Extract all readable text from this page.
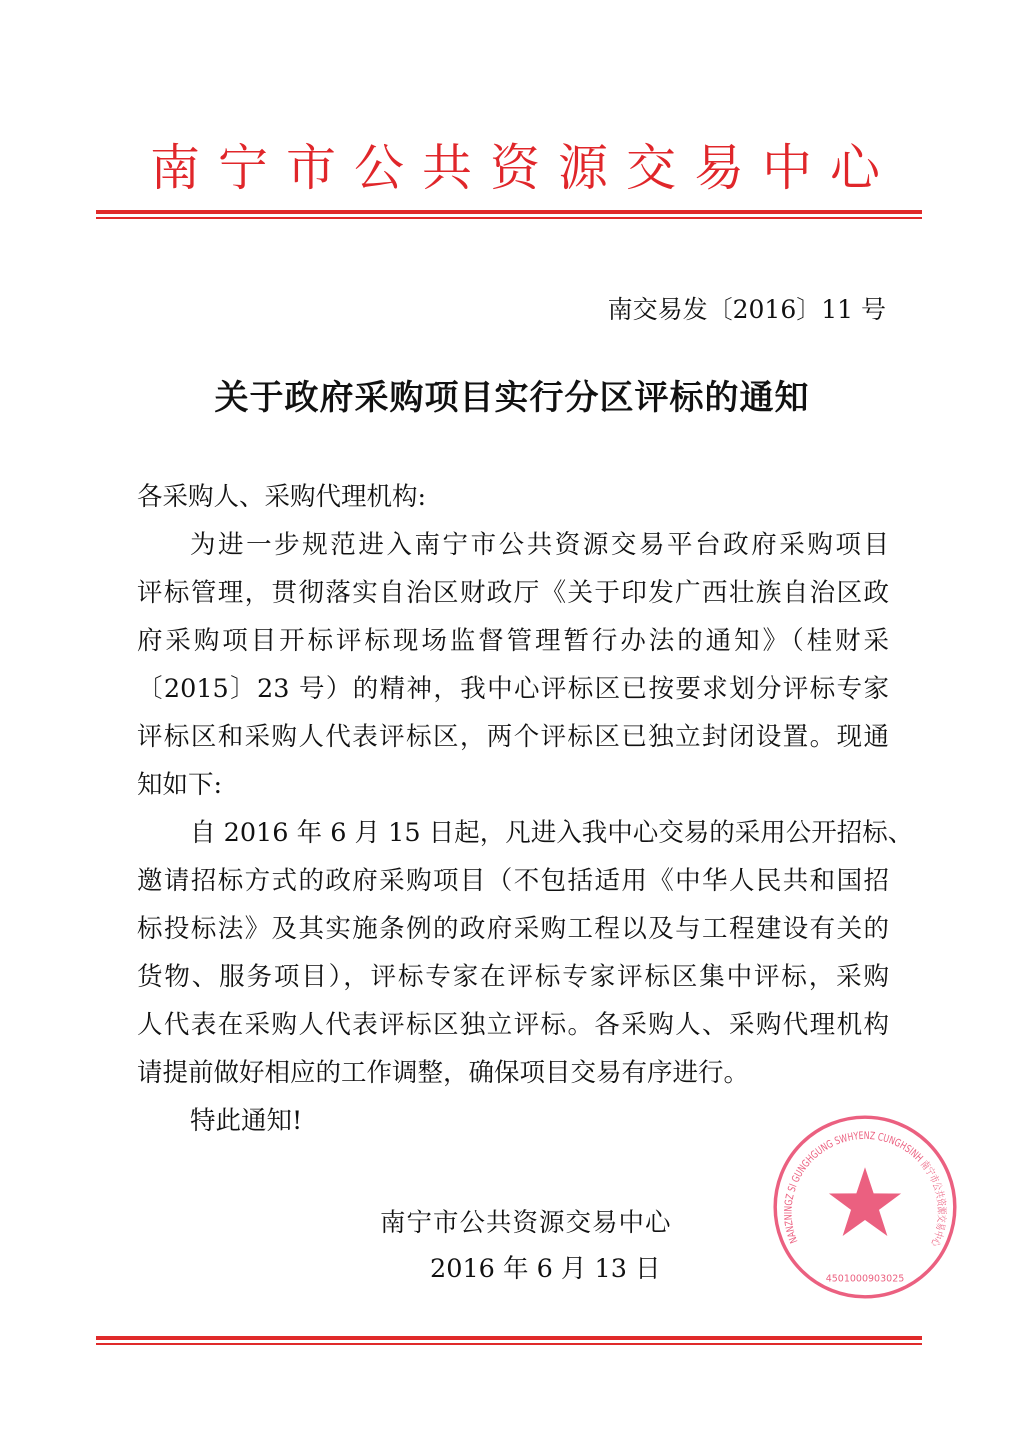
南宁市公共资源交易中心
南交易发〔2016〕11 号
关于政府采购项目实行分区评标的通知
各采购人、采购代理机构:
为进一步规范进入南宁市公共资源交易平台政府采购项目
评标管理，贯彻落实自治区财政厅《关于印发广西壮族自治区政
府采购项目开标评标现场监督管理暂行办法的通知》（桂财采
〔2015〕23 号）的精神，我中心评标区已按要求划分评标专家
评标区和采购人代表评标区，两个评标区已独立封闭设置。现通
知如下:
自 2016 年 6 月 15 日起，凡进入我中心交易的采用公开招标、
邀请招标方式的政府采购项目（不包括适用《中华人民共和国招
标投标法》及其实施条例的政府采购工程以及与工程建设有关的
货物、服务项目），评标专家在评标专家评标区集中评标，采购
人代表在采购人代表评标区独立评标。各采购人、采购代理机构
请提前做好相应的工作调整，确保项目交易有序进行。
特此通知!
NANZNINGZ SI GUNGHGUNG SWHYENZ CUNGHSINH 南宁市公共资源交易中心
4501000903025
南宁市公共资源交易中心
2016 年 6 月 13 日
